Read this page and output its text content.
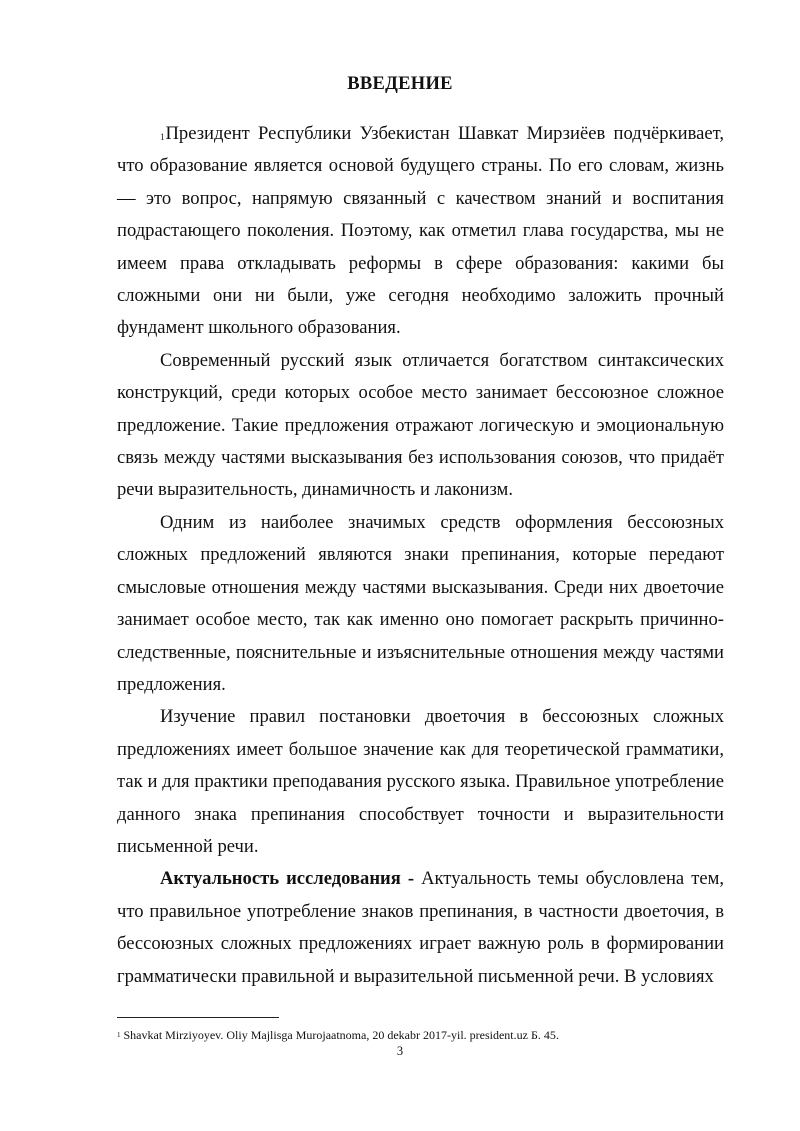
ВВЕДЕНИЕ

$^1$Президент Республики Узбекистан Шавкат Мирзиёев подчёркивает, что образование является основой будущего страны. По его словам, жизнь — это вопрос, напрямую связанный с качеством знаний и воспитания подрастающего поколения. Поэтому, как отметил глава государства, мы не имеем права откладывать реформы в сфере образования: какими бы сложными они ни были, уже сегодня необходимо заложить прочный фундамент школьного образования.

Современный русский язык отличается богатством синтаксических конструкций, среди которых особое место занимает бессоюзное сложное предложение. Такие предложения отражают логическую и эмоциональную связь между частями высказывания без использования союзов, что придаёт речи выразительность, динамичность и лаконизм.

Одним из наиболее значимых средств оформления бессоюзных сложных предложений являются знаки препинания, которые передают смысловые отношения между частями высказывания. Среди них двоеточие занимает особое место, так как именно оно помогает раскрыть причинно-следственные, пояснительные и изъяснительные отношения между частями предложения.

Изучение правил постановки двоеточия в бессоюзных сложных предложениях имеет большое значение как для теоретической грамматики, так и для практики преподавания русского языка. Правильное употребление данного знака препинания способствует точности и выразительности письменной речи.

Актуальность исследования - Актуальность темы обусловлена тем, что правильное употребление знаков препинания, в частности двоеточия, в бессоюзных сложных предложениях играет важную роль в формировании грамматически правильной и выразительной письменной речи. В условиях

$^1$ Shavkat Mirziyoyev. Oliy Majlisga Murojaatnoma, 20 dekabr 2017-yil. president.uz Б. 45.
3
